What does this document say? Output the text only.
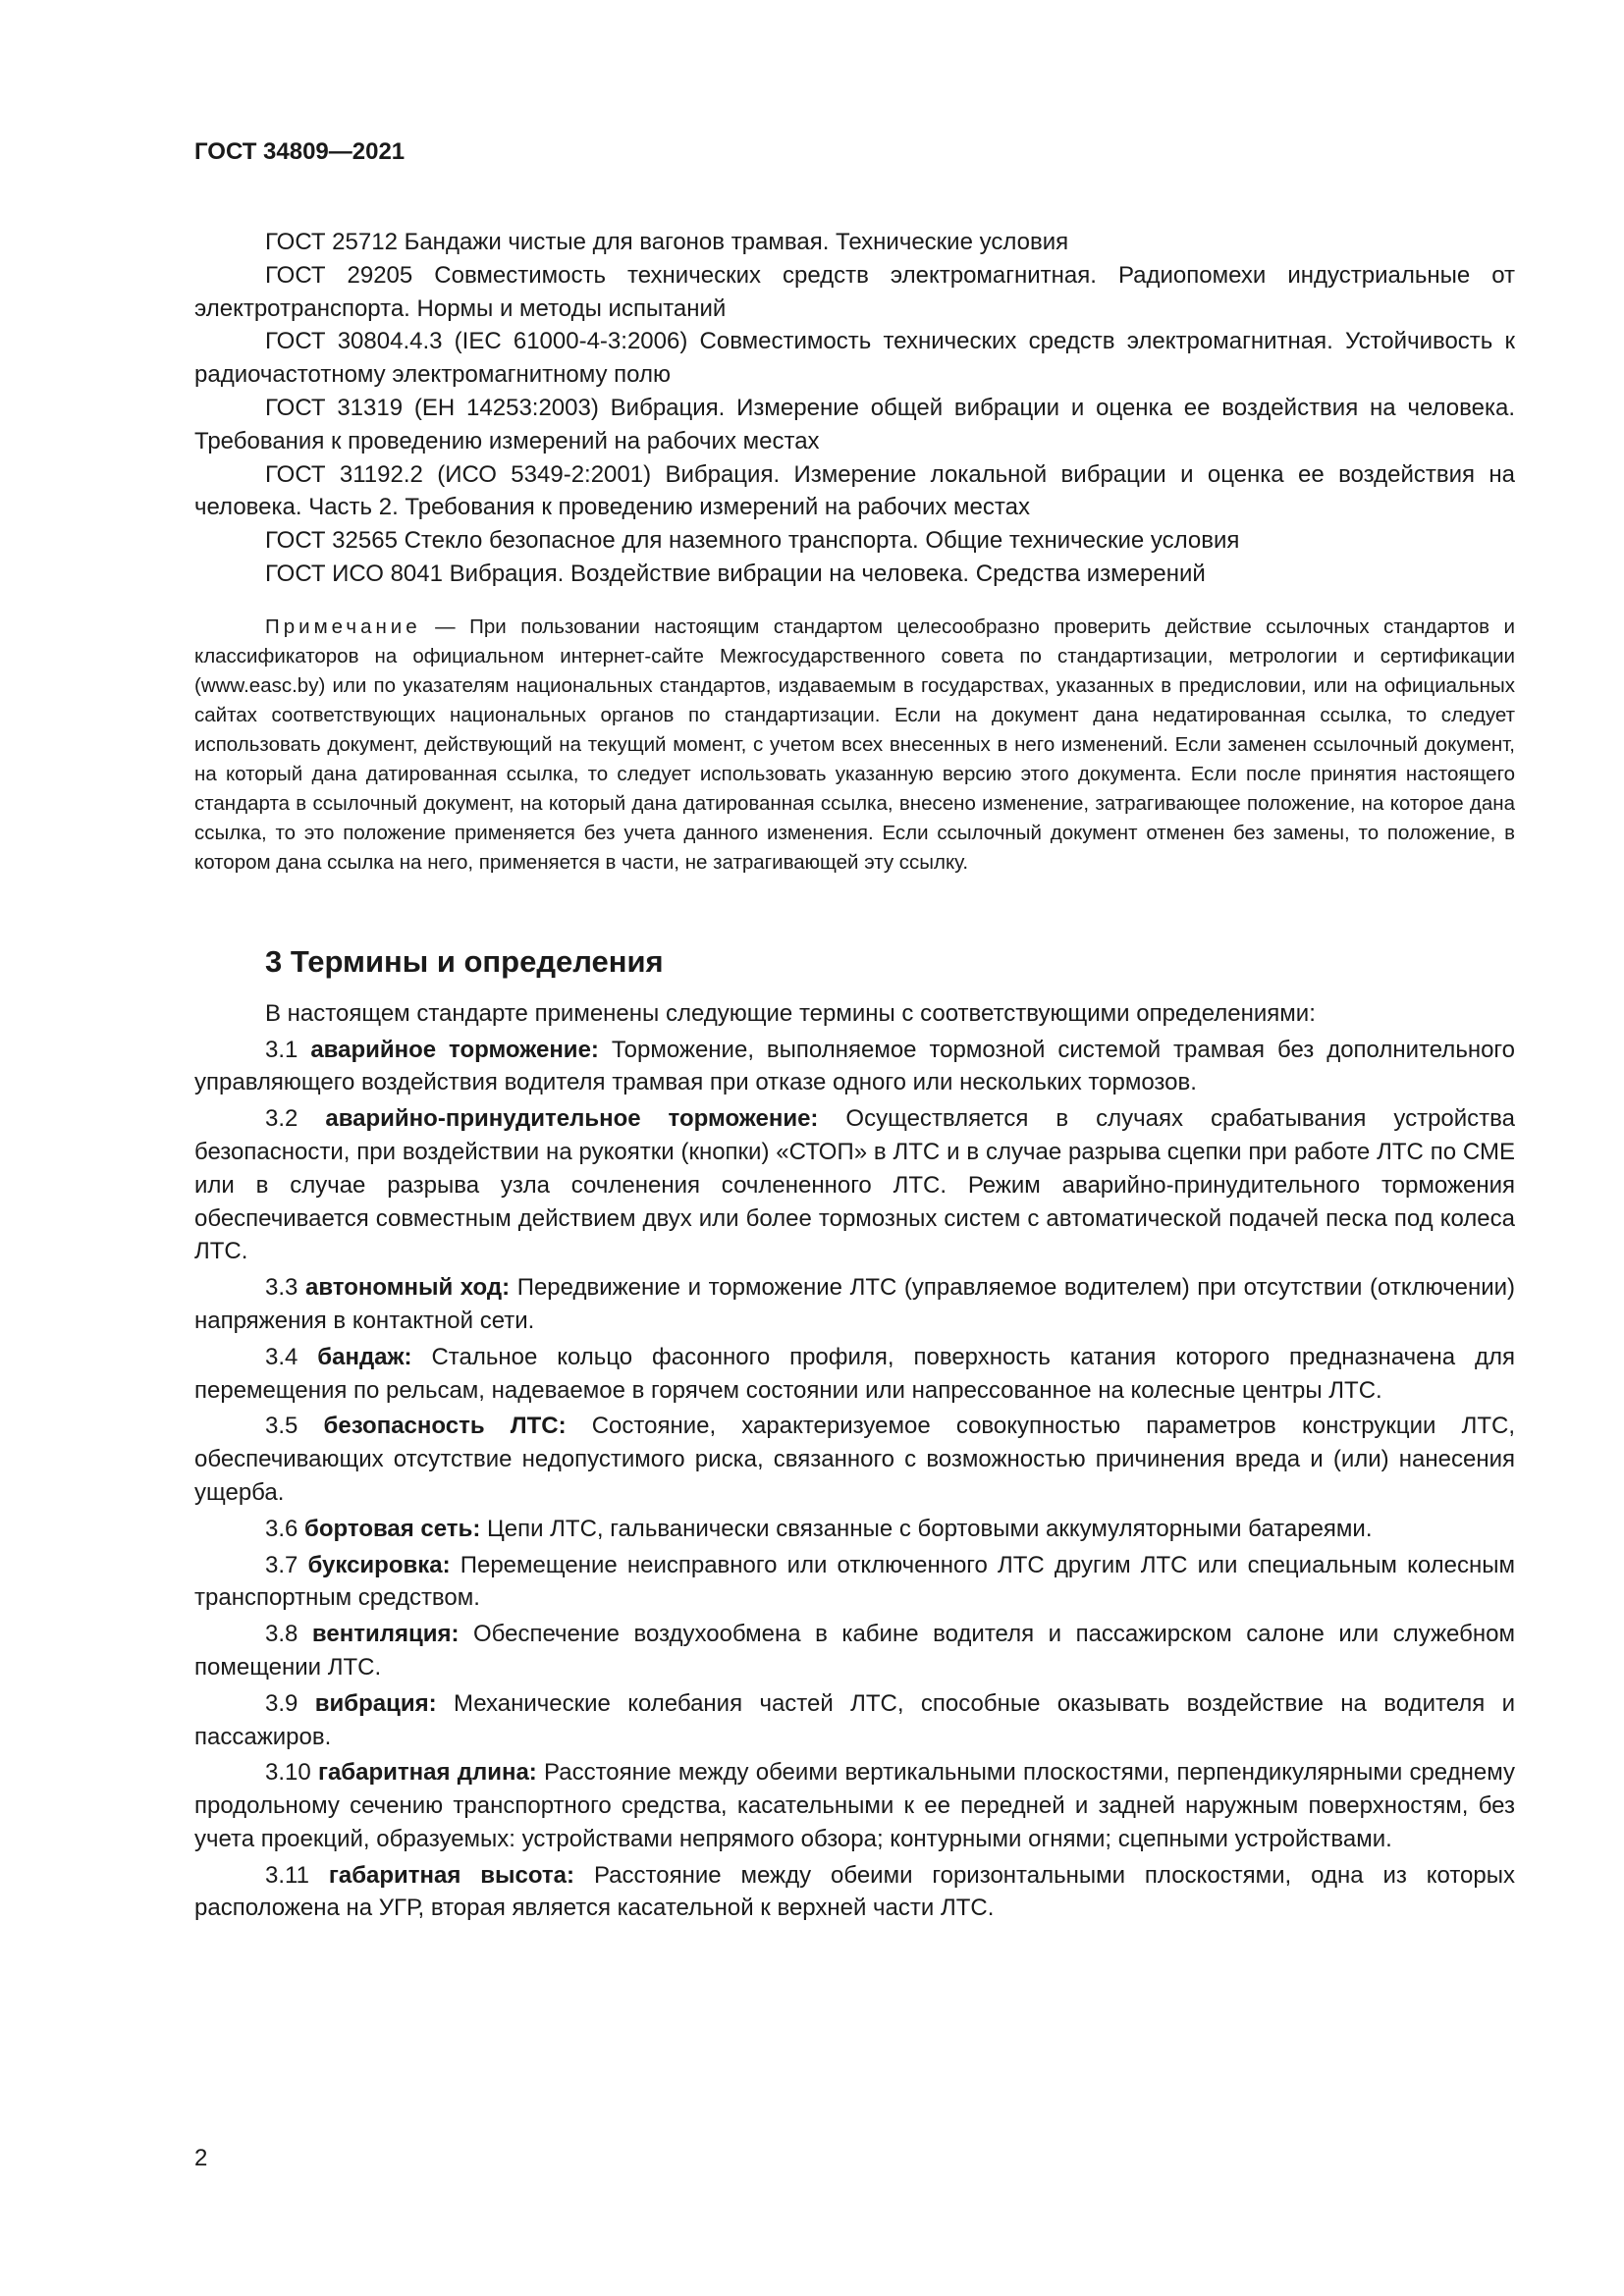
ГОСТ 34809—2021

ГОСТ 25712 Бандажи чистые для вагонов трамвая. Технические условия

ГОСТ 29205 Совместимость технических средств электромагнитная. Радиопомехи индустриальные от электротранспорта. Нормы и методы испытаний

ГОСТ 30804.4.3 (IEC 61000-4-3:2006) Совместимость технических средств электромагнитная. Устойчивость к радиочастотному электромагнитному полю

ГОСТ 31319 (ЕН 14253:2003) Вибрация. Измерение общей вибрации и оценка ее воздействия на человека. Требования к проведению измерений на рабочих местах

ГОСТ 31192.2 (ИСО 5349-2:2001) Вибрация. Измерение локальной вибрации и оценка ее воздействия на человека. Часть 2. Требования к проведению измерений на рабочих местах

ГОСТ 32565 Стекло безопасное для наземного транспорта. Общие технические условия

ГОСТ ИСО 8041 Вибрация. Воздействие вибрации на человека. Средства измерений

Примечание — При пользовании настоящим стандартом целесообразно проверить действие ссылочных стандартов и классификаторов на официальном интернет-сайте Межгосударственного совета по стандартизации, метрологии и сертификации (www.easc.by) или по указателям национальных стандартов, издаваемым в государствах, указанных в предисловии, или на официальных сайтах соответствующих национальных органов по стандартизации. Если на документ дана недатированная ссылка, то следует использовать документ, действующий на текущий момент, с учетом всех внесенных в него изменений. Если заменен ссылочный документ, на который дана датированная ссылка, то следует использовать указанную версию этого документа. Если после принятия настоящего стандарта в ссылочный документ, на который дана датированная ссылка, внесено изменение, затрагивающее положение, на которое дана ссылка, то это положение применяется без учета данного изменения. Если ссылочный документ отменен без замены, то положение, в котором дана ссылка на него, применяется в части, не затрагивающей эту ссылку.

3 Термины и определения

В настоящем стандарте применены следующие термины с соответствующими определениями:

3.1 аварийное торможение: Торможение, выполняемое тормозной системой трамвая без дополнительного управляющего воздействия водителя трамвая при отказе одного или нескольких тормозов.

3.2 аварийно-принудительное торможение: Осуществляется в случаях срабатывания устройства безопасности, при воздействии на рукоятки (кнопки) «СТОП» в ЛТС и в случае разрыва сцепки при работе ЛТС по СМЕ или в случае разрыва узла сочленения сочлененного ЛТС. Режим аварийно-принудительного торможения обеспечивается совместным действием двух или более тормозных систем с автоматической подачей песка под колеса ЛТС.

3.3 автономный ход: Передвижение и торможение ЛТС (управляемое водителем) при отсутствии (отключении) напряжения в контактной сети.

3.4 бандаж: Стальное кольцо фасонного профиля, поверхность катания которого предназначена для перемещения по рельсам, надеваемое в горячем состоянии или напрессованное на колесные центры ЛТС.

3.5 безопасность ЛТС: Состояние, характеризуемое совокупностью параметров конструкции ЛТС, обеспечивающих отсутствие недопустимого риска, связанного с возможностью причинения вреда и (или) нанесения ущерба.

3.6 бортовая сеть: Цепи ЛТС, гальванически связанные с бортовыми аккумуляторными батареями.

3.7 буксировка: Перемещение неисправного или отключенного ЛТС другим ЛТС или специальным колесным транспортным средством.

3.8 вентиляция: Обеспечение воздухообмена в кабине водителя и пассажирском салоне или служебном помещении ЛТС.

3.9 вибрация: Механические колебания частей ЛТС, способные оказывать воздействие на водителя и пассажиров.

3.10 габаритная длина: Расстояние между обеими вертикальными плоскостями, перпендикулярными среднему продольному сечению транспортного средства, касательными к ее передней и задней наружным поверхностям, без учета проекций, образуемых: устройствами непрямого обзора; контурными огнями; сцепными устройствами.

3.11 габаритная высота: Расстояние между обеими горизонтальными плоскостями, одна из которых расположена на УГР, вторая является касательной к верхней части ЛТС.

2
